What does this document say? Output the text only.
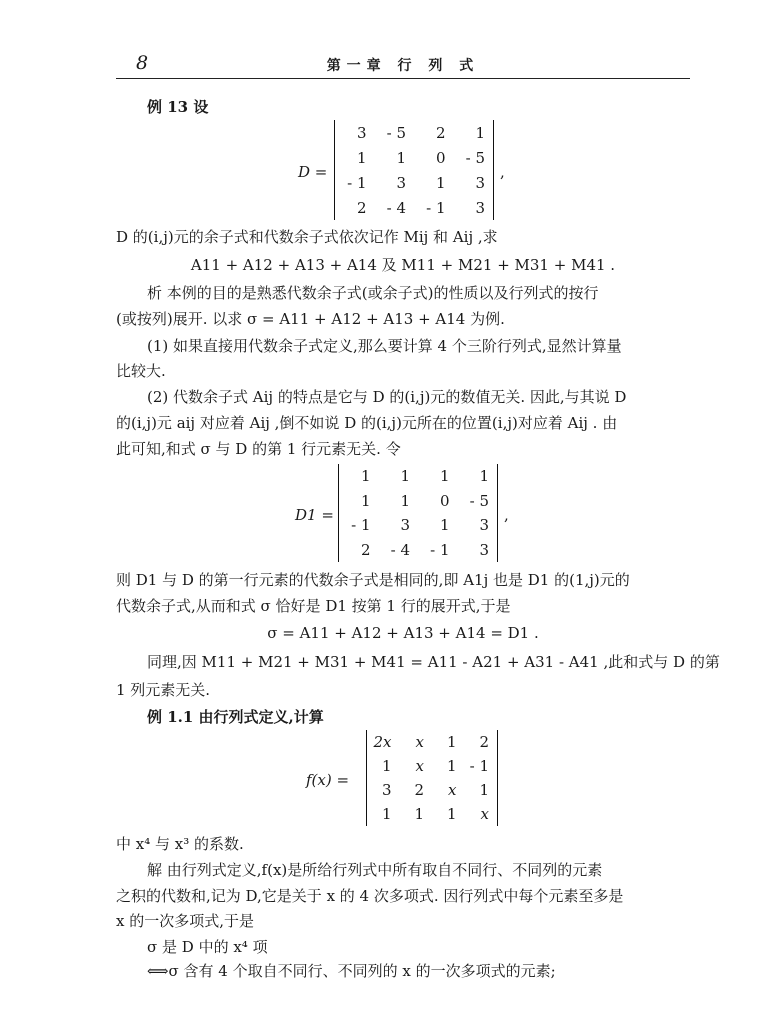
8	第一章 行 列 式
例 13 设
D =
3	- 5	2	1
1	1	0	- 5
- 1	3	1	3
2	- 4	- 1	3
,
D 的(i,j)元的余子式和代数余子式依次记作 Mij 和 Aij ,求
A11 + A12 + A13 + A14 及 M11 + M21 + M31 + M41 .
析 本例的目的是熟悉代数余子式(或余子式)的性质以及行列式的按行
(或按列)展开. 以求 σ = A11 + A12 + A13 + A14 为例.
(1) 如果直接用代数余子式定义,那么要计算 4 个三阶行列式,显然计算量
比较大.
(2) 代数余子式 Aij 的特点是它与 D 的(i,j)元的数值无关. 因此,与其说 D
的(i,j)元 aij 对应着 Aij ,倒不如说 D 的(i,j)元所在的位置(i,j)对应着 Aij . 由
此可知,和式 σ 与 D 的第 1 行元素无关. 令
D1 =
1	1	1	1
1	1	0	- 5
- 1	3	1	3
2	- 4	- 1	3
,
则 D1 与 D 的第一行元素的代数余子式是相同的,即 A1j 也是 D1 的(1,j)元的
代数余子式,从而和式 σ 恰好是 D1 按第 1 行的展开式,于是
σ = A11 + A12 + A13 + A14 = D1 .
同理,因 M11 + M21 + M31 + M41 = A11 - A21 + A31 - A41 ,此和式与 D 的第
1 列元素无关.
例 1.1 由行列式定义,计算
f(x) =
2x	x	1	2
1	x	1	- 1
3	2	x	1
1	1	1	x
中 x⁴ 与 x³ 的系数.
解 由行列式定义,f(x)是所给行列式中所有取自不同行、不同列的元素
之积的代数和,记为 D,它是关于 x 的 4 次多项式. 因行列式中每个元素至多是
x 的一次多项式,于是
σ 是 D 中的 x⁴ 项
⟺σ 含有 4 个取自不同行、不同列的 x 的一次多项式的元素;
